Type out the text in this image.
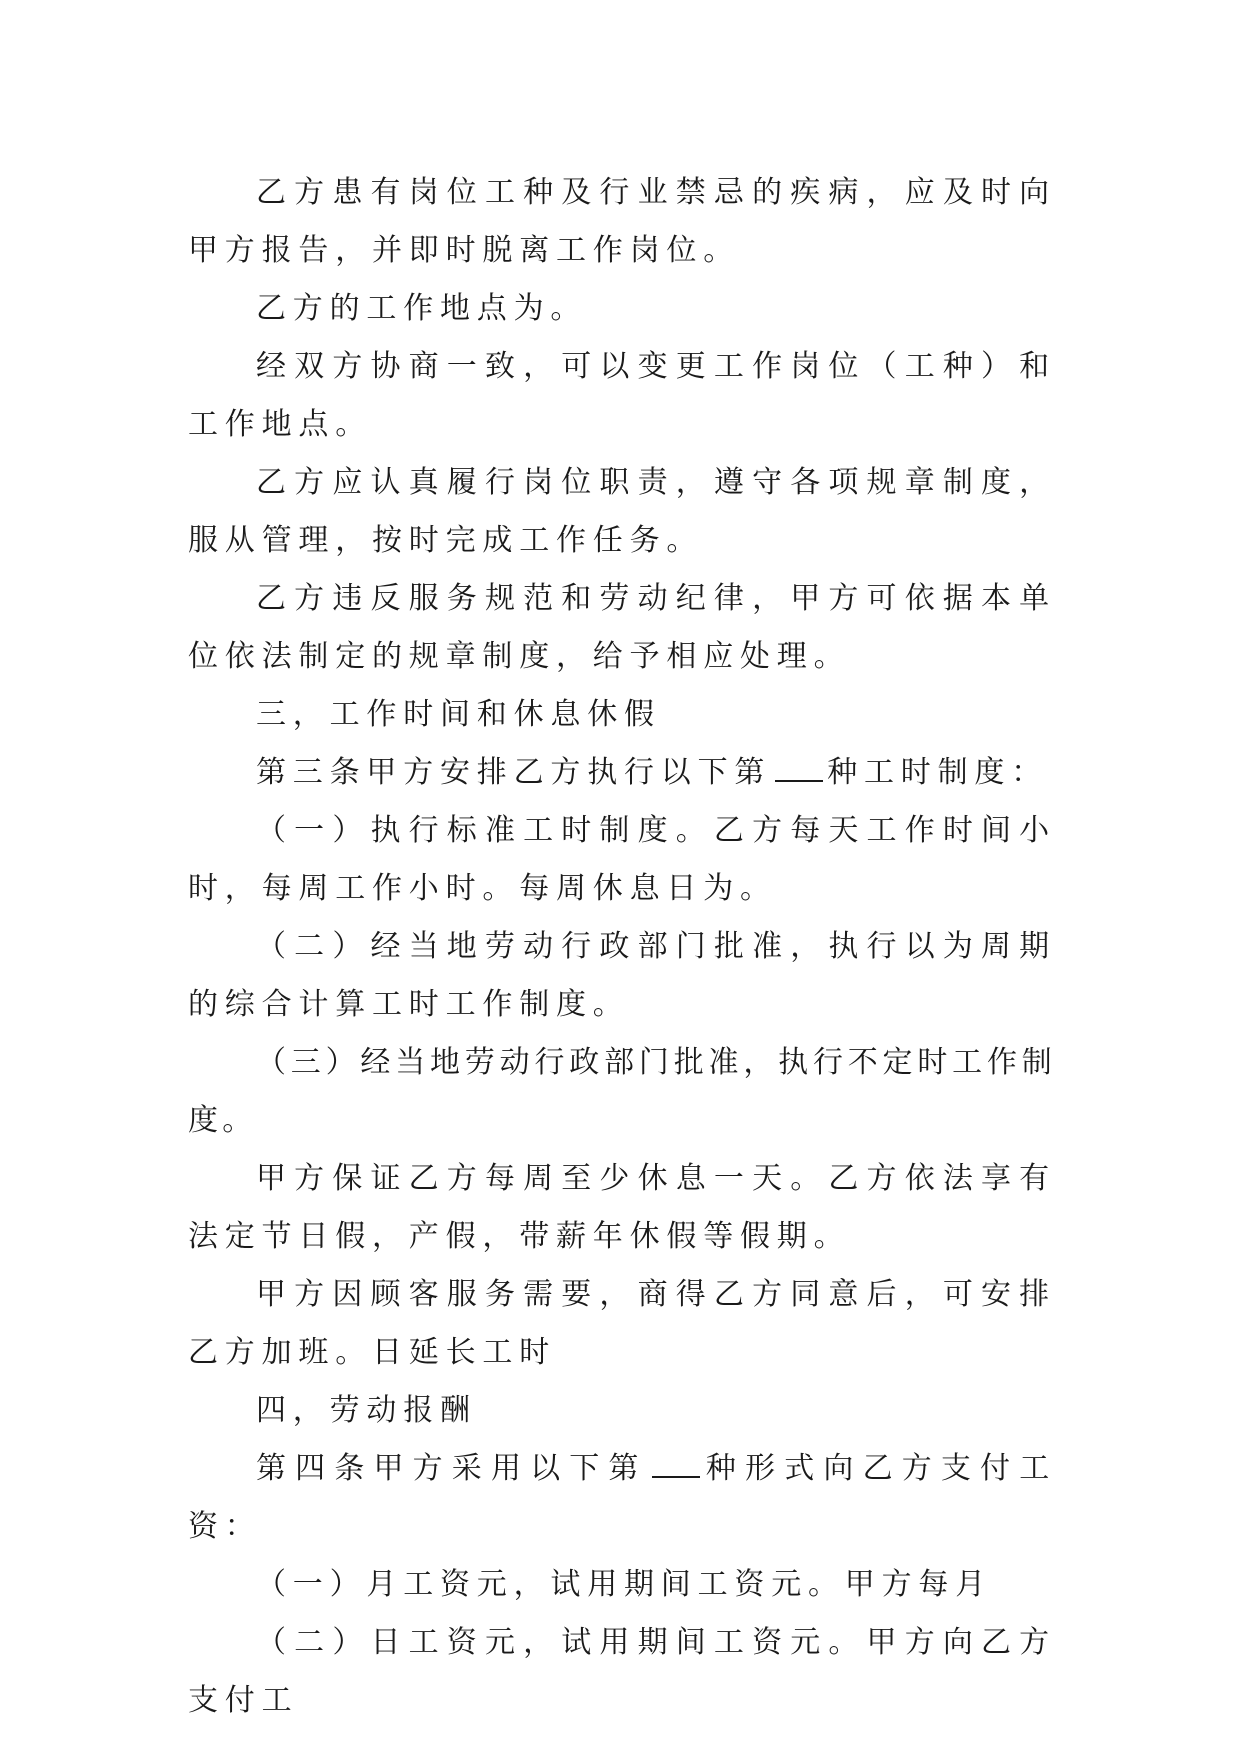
乙方患有岗位工种及行业禁忌的疾病，应及时向甲方报告，并即时脱离工作岗位。

乙方的工作地点为。

经双方协商一致，可以变更工作岗位（工种）和工作地点。

乙方应认真履行岗位职责，遵守各项规章制度，服从管理，按时完成工作任务。

乙方违反服务规范和劳动纪律，甲方可依据本单位依法制定的规章制度，给予相应处理。

三，工作时间和休息休假

第三条甲方安排乙方执行以下第 种工时制度：

（一）执行标准工时制度。乙方每天工作时间小时，每周工作小时。每周休息日为。

（二）经当地劳动行政部门批准，执行以为周期的综合计算工时工作制度。

（三）经当地劳动行政部门批准，执行不定时工作制度。

甲方保证乙方每周至少休息一天。乙方依法享有法定节日假，产假，带薪年休假等假期。

甲方因顾客服务需要，商得乙方同意后，可安排乙方加班。日延长工时

四，劳动报酬

第四条甲方采用以下第 种形式向乙方支付工资：

（一）月工资元，试用期间工资元。甲方每月

（二）日工资元，试用期间工资元。甲方向乙方支付工
